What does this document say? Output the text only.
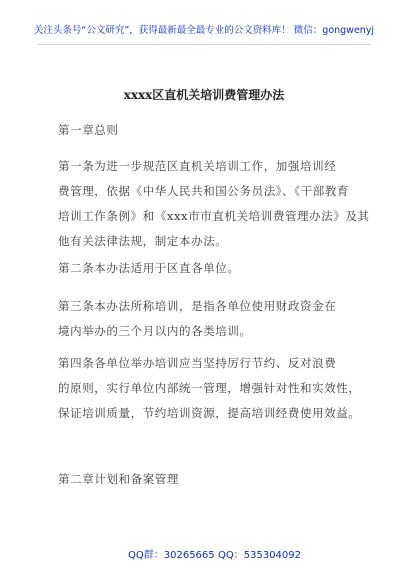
关注头条号“公文研究”，获得最新最全最专业的公文资料库！ 微信：gongwenyj
xxxx区直机关培训费管理办法
第一章总则
第一条为进一步规范区直机关培训工作，加强培训经
费管理，依据《中华人民共和国公务员法》、《干部教育
培训工作条例》和《xxx市市直机关培训费管理办法》及其
他有关法律法规，制定本办法。
第二条本办法适用于区直各单位。
第三条本办法所称培训，是指各单位使用财政资金在
境内举办的三个月以内的各类培训。
第四条各单位举办培训应当坚持厉行节约、反对浪费
的原则，实行单位内部统一管理，增强针对性和实效性，
保证培训质量，节约培训资源，提高培训经费使用效益。
第二章计划和备案管理
QQ群：30265665 QQ：535304092
